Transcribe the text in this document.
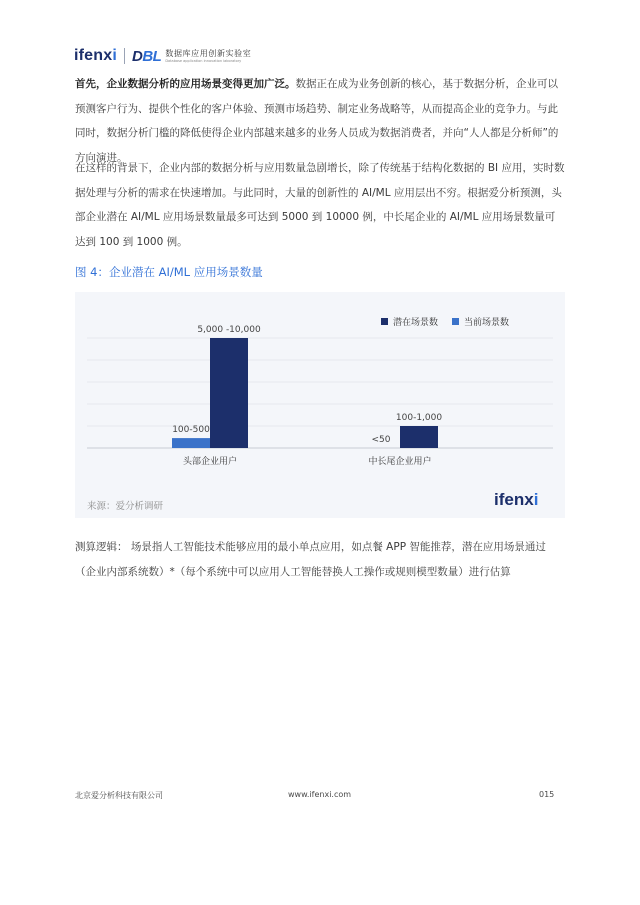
ifenxi DBL 数据库应用创新实验室
Database application innovation laboratory

首先，企业数据分析的应用场景变得更加广泛。数据正在成为业务创新的核心，基于数据分析，企业可以预测客户行为、提供个性化的客户体验、预测市场趋势、制定业务战略等，从而提高企业的竞争力。与此同时，数据分析门槛的降低使得企业内部越来越多的业务人员成为数据消费者，并向“人人都是分析师”的方向演进。

在这样的背景下，企业内部的数据分析与应用数量急剧增长，除了传统基于结构化数据的 BI 应用，实时数据处理与分析的需求在快速增加。与此同时，大量的创新性的 AI/ML 应用层出不穷。根据爱分析预测，头部企业潜在 AI/ML 应用场景数量最多可达到 5000 到 10000 例，中长尾企业的 AI/ML 应用场景数量可达到 100 到 1000 例。

图 4：企业潜在 AI/ML 应用场景数量

潜在场景数	当前场景数
100-500
5,000 -10,000
头部企业用户
<50
100-1,000
中长尾企业用户
来源：爱分析调研	ifenxi

测算逻辑： 场景指人工智能技术能够应用的最小单点应用，如点餐 APP 智能推荐，潜在应用场景通过（企业内部系统数）*（每个系统中可以应用人工智能替换人工操作或规则模型数量）进行估算

北京爱分析科技有限公司	www.ifenxi.com	015
